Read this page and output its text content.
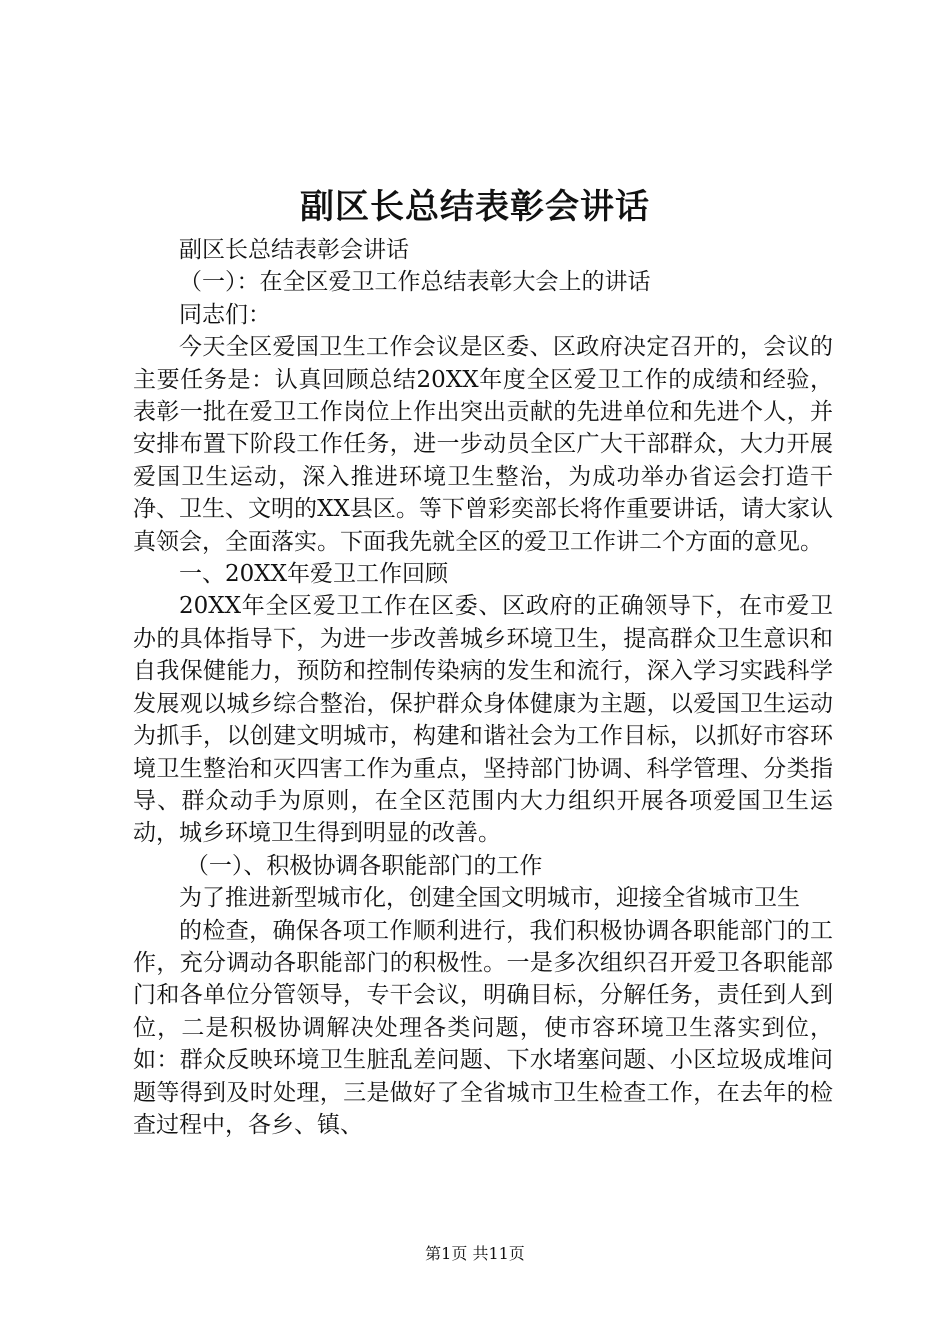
副区长总结表彰会讲话

副区长总结表彰会讲话

（一）：在全区爱卫工作总结表彰大会上的讲话

同志们：

今天全区爱国卫生工作会议是区委、区政府决定召开的，会议的主要任务是：认真回顾总结20XX年度全区爱卫工作的成绩和经验，表彰一批在爱卫工作岗位上作出突出贡献的先进单位和先进个人，并安排布置下阶段工作任务，进一步动员全区广大干部群众，大力开展爱国卫生运动，深入推进环境卫生整治，为成功举办省运会打造干净、卫生、文明的XX县区。等下曾彩奕部长将作重要讲话，请大家认真领会，全面落实。下面我先就全区的爱卫工作讲二个方面的意见。

一、20XX年爱卫工作回顾

20XX年全区爱卫工作在区委、区政府的正确领导下，在市爱卫办的具体指导下，为进一步改善城乡环境卫生，提高群众卫生意识和自我保健能力，预防和控制传染病的发生和流行，深入学习实践科学发展观以城乡综合整治，保护群众身体健康为主题，以爱国卫生运动为抓手，以创建文明城市，构建和谐社会为工作目标，以抓好市容环境卫生整治和灭四害工作为重点，坚持部门协调、科学管理、分类指导、群众动手为原则，在全区范围内大力组织开展各项爱国卫生运动，城乡环境卫生得到明显的改善。

（一）、积极协调各职能部门的工作

为了推进新型城市化，创建全国文明城市，迎接全省城市卫生

的检查，确保各项工作顺利进行，我们积极协调各职能部门的工作，充分调动各职能部门的积极性。一是多次组织召开爱卫各职能部门和各单位分管领导，专干会议，明确目标，分解任务，责任到人到位，二是积极协调解决处理各类问题，使市容环境卫生落实到位，如：群众反映环境卫生脏乱差问题、下水堵塞问题、小区垃圾成堆问题等得到及时处理，三是做好了全省城市卫生检查工作，在去年的检查过程中，各乡、镇、

第1页 共11页
